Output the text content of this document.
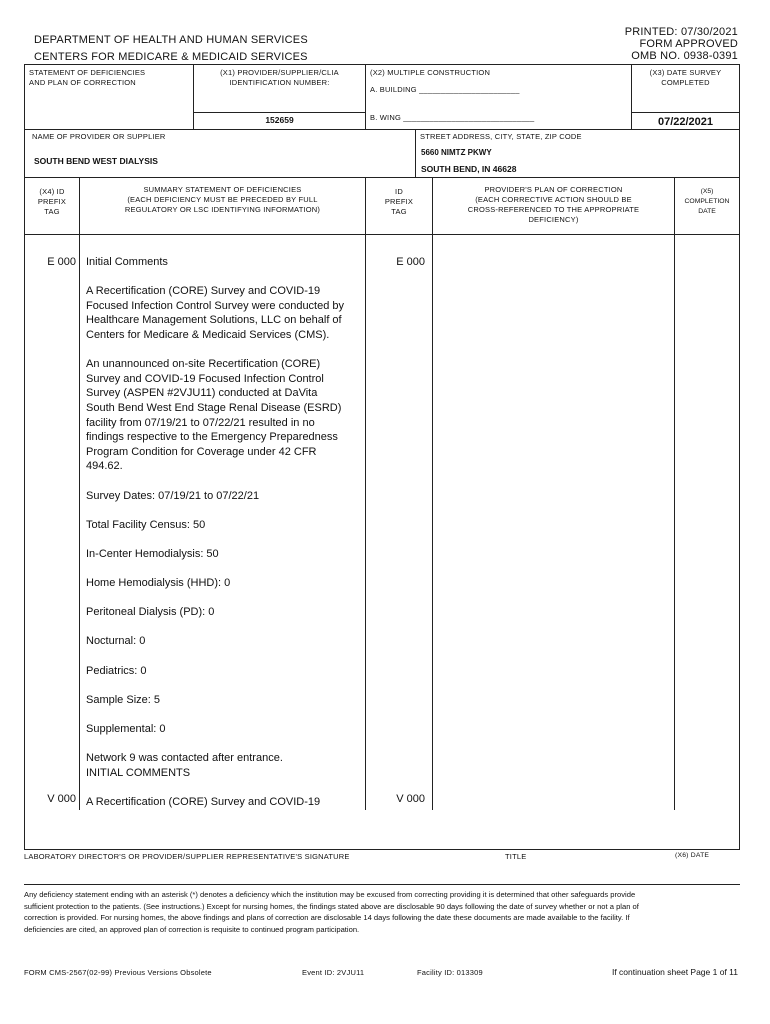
DEPARTMENT OF HEALTH AND HUMAN SERVICES
CENTERS FOR MEDICARE & MEDICAID SERVICES
PRINTED: 07/30/2021
FORM APPROVED
OMB NO. 0938-0391
STATEMENT OF DEFICIENCIES
AND PLAN OF CORRECTION
(X1) PROVIDER/SUPPLIER/CLIA
IDENTIFICATION NUMBER:
152659
(X2) MULTIPLE CONSTRUCTION
A. BUILDING _______________________
B. WING ______________________________
(X3) DATE SURVEY
COMPLETED
07/22/2021
NAME OF PROVIDER OR SUPPLIER
SOUTH BEND WEST DIALYSIS
STREET ADDRESS, CITY, STATE, ZIP CODE
5660 NIMTZ PKWY
SOUTH BEND, IN 46628
(X4) ID
PREFIX
TAG
SUMMARY STATEMENT OF DEFICIENCIES
(EACH DEFICIENCY MUST BE PRECEDED BY FULL
REGULATORY OR LSC IDENTIFYING INFORMATION)
ID
PREFIX
TAG
PROVIDER'S PLAN OF CORRECTION
(EACH CORRECTIVE ACTION SHOULD BE
CROSS-REFERENCED TO THE APPROPRIATE
DEFICIENCY)
(X5)
COMPLETION
DATE
E 000	E 000
Initial Comments
A Recertification (CORE) Survey and COVID-19 Focused Infection Control Survey were conducted by Healthcare Management Solutions, LLC on behalf of Centers for Medicare & Medicaid Services (CMS).
An unannounced on-site Recertification (CORE) Survey and COVID-19 Focused Infection Control Survey (ASPEN #2VJU11) conducted at DaVita South Bend West End Stage Renal Disease (ESRD) facility from 07/19/21 to 07/22/21 resulted in no findings respective to the Emergency Preparedness Program Condition for Coverage under 42 CFR 494.62.
Survey Dates: 07/19/21 to 07/22/21
Total Facility Census: 50
In-Center Hemodialysis: 50
Home Hemodialysis (HHD): 0
Peritoneal Dialysis (PD): 0
Nocturnal: 0
Pediatrics: 0
Sample Size: 5
Supplemental: 0
Network 9 was contacted after entrance.
INITIAL COMMENTS
A Recertification (CORE) Survey and COVID-19
V 000	V 000
LABORATORY DIRECTOR'S OR PROVIDER/SUPPLIER REPRESENTATIVE'S SIGNATURE	TITLE	(X6) DATE
Any deficiency statement ending with an asterisk (*) denotes a deficiency which the institution may be excused from correcting providing it is determined that other safeguards provide sufficient protection to the patients. (See instructions.) Except for nursing homes, the findings stated above are disclosable 90 days following the date of survey whether or not a plan of correction is provided. For nursing homes, the above findings and plans of correction are disclosable 14 days following the date these documents are made available to the facility. If deficiencies are cited, an approved plan of correction is requisite to continued program participation.
FORM CMS-2567(02-99) Previous Versions Obsolete	Event ID: 2VJU11	Facility ID: 013309	If continuation sheet Page 1 of 11
